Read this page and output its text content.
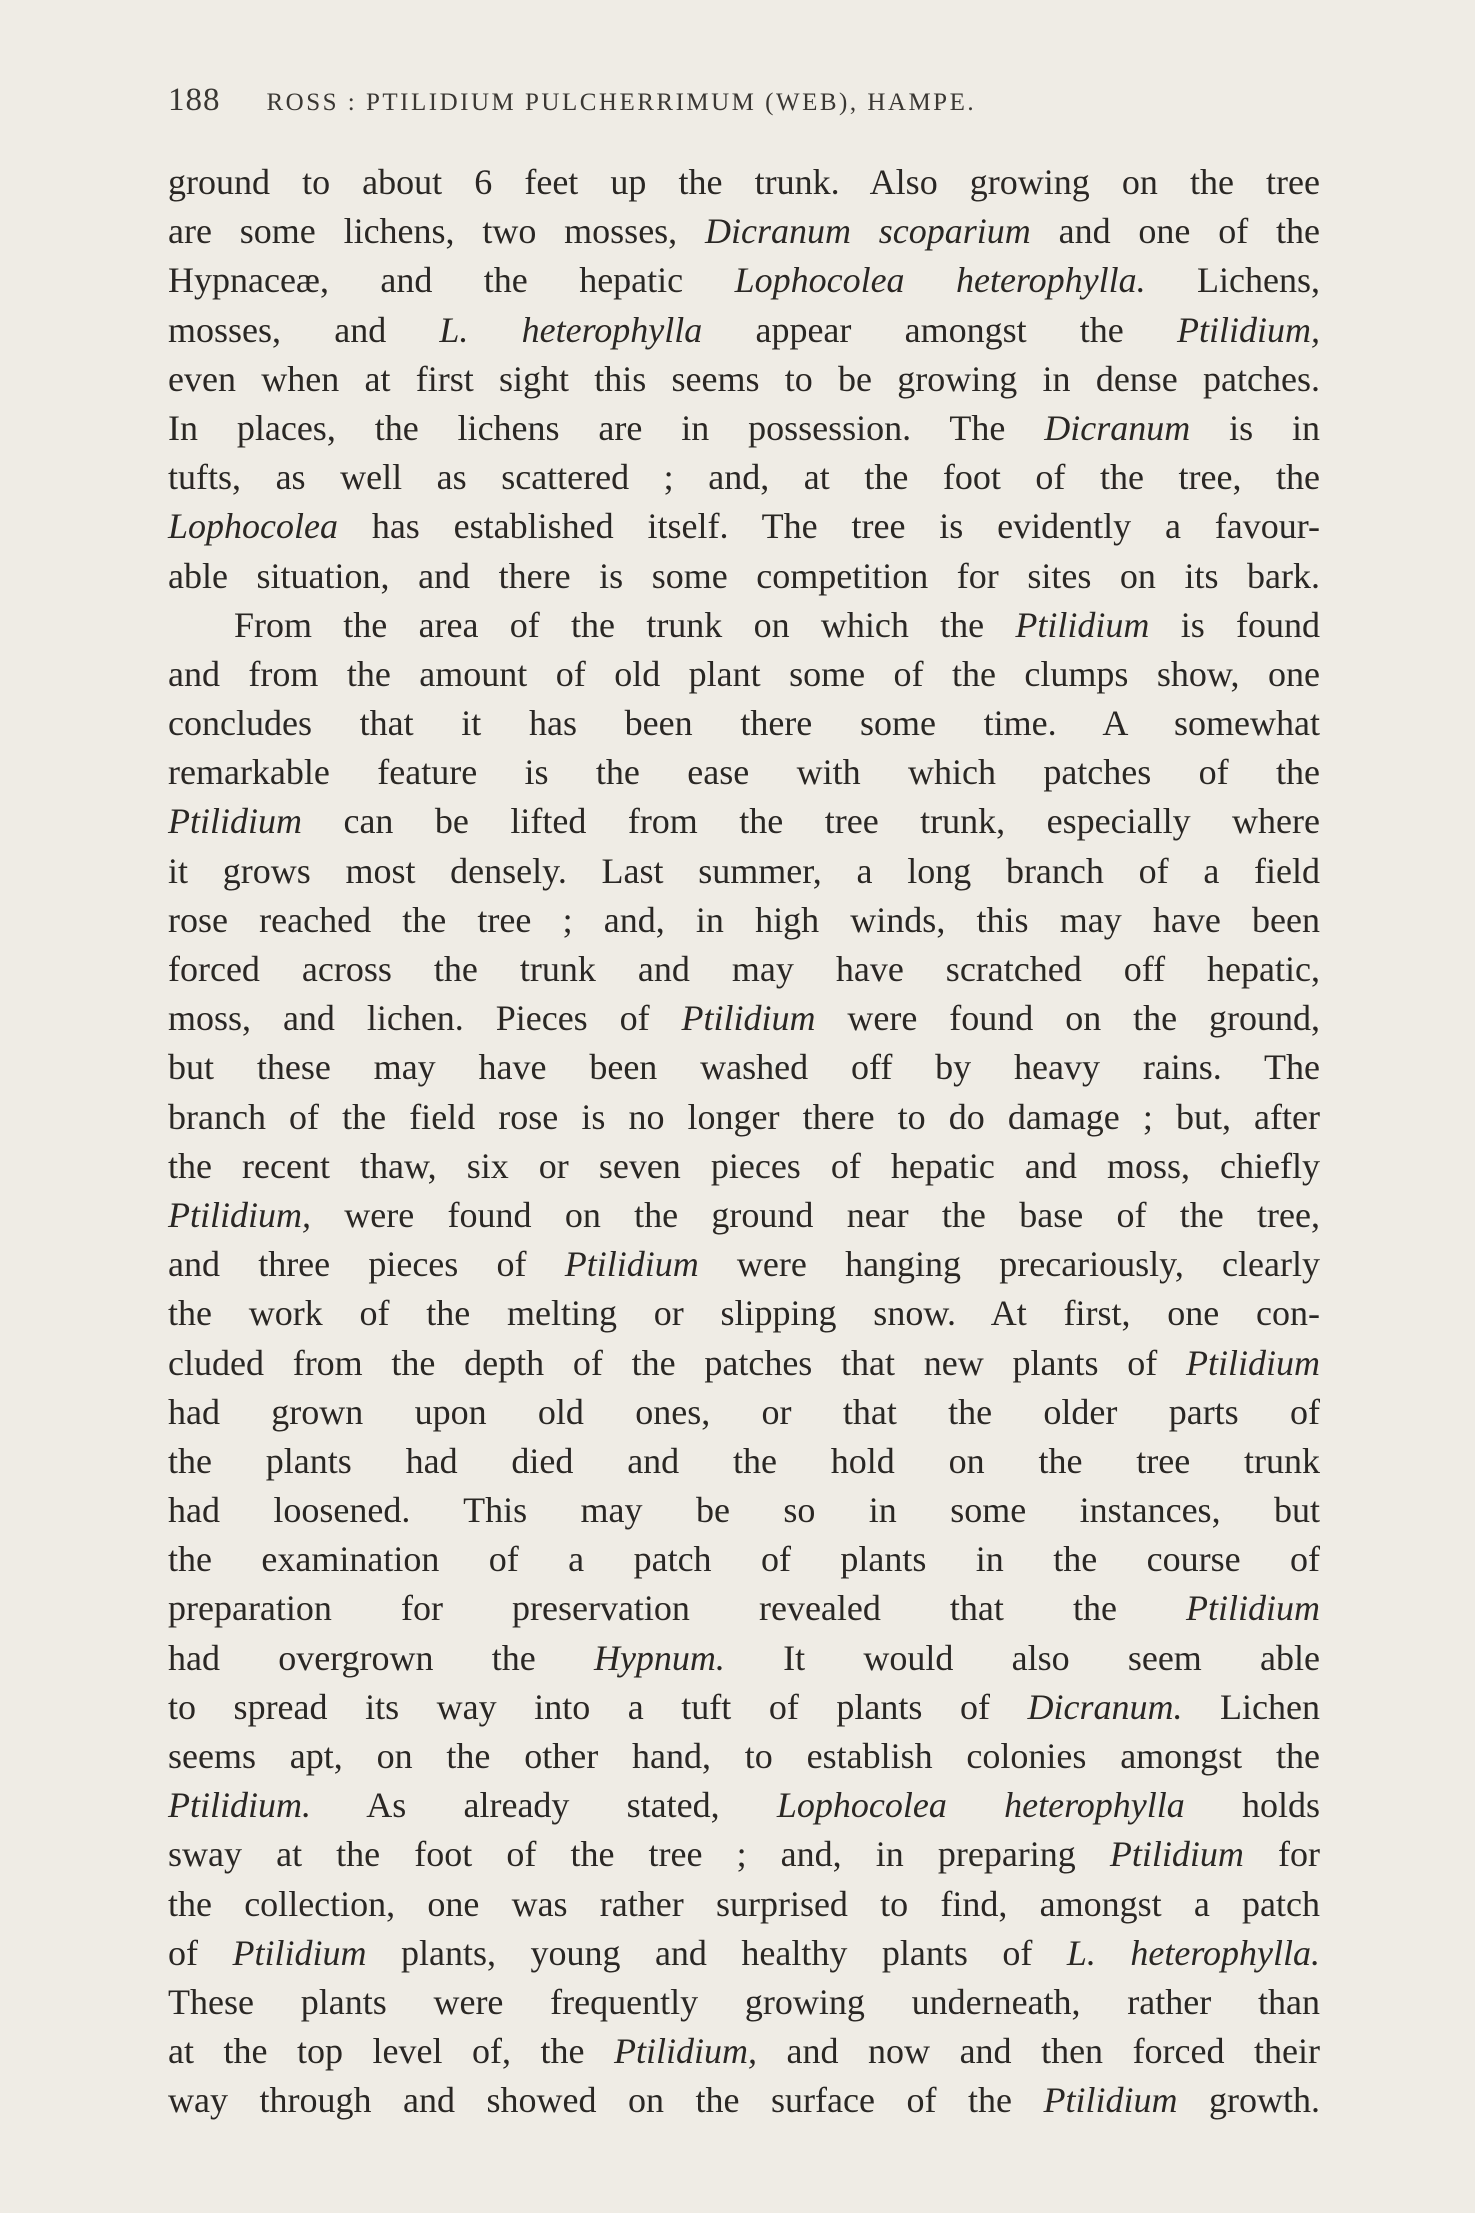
188 ROSS : PTILIDIUM PULCHERRIMUM (WEB), HAMPE.
ground to about 6 feet up the trunk. Also growing on the tree
are some lichens, two mosses, Dicranum scoparium and one of the
Hypnaceæ, and the hepatic Lophocolea heterophylla. Lichens,
mosses, and L. heterophylla appear amongst the Ptilidium,
even when at first sight this seems to be growing in dense patches.
In places, the lichens are in possession. The Dicranum is in
tufts, as well as scattered ; and, at the foot of the tree, the
Lophocolea has established itself. The tree is evidently a favour-
able situation, and there is some competition for sites on its bark.
From the area of the trunk on which the Ptilidium is found
and from the amount of old plant some of the clumps show, one
concludes that it has been there some time. A somewhat
remarkable feature is the ease with which patches of the
Ptilidium can be lifted from the tree trunk, especially where
it grows most densely. Last summer, a long branch of a field
rose reached the tree ; and, in high winds, this may have been
forced across the trunk and may have scratched off hepatic,
moss, and lichen. Pieces of Ptilidium were found on the ground,
but these may have been washed off by heavy rains. The
branch of the field rose is no longer there to do damage ; but, after
the recent thaw, six or seven pieces of hepatic and moss, chiefly
Ptilidium, were found on the ground near the base of the tree,
and three pieces of Ptilidium were hanging precariously, clearly
the work of the melting or slipping snow. At first, one con-
cluded from the depth of the patches that new plants of Ptilidium
had grown upon old ones, or that the older parts of
the plants had died and the hold on the tree trunk
had loosened. This may be so in some instances, but
the examination of a patch of plants in the course of
preparation for preservation revealed that the Ptilidium
had overgrown the Hypnum. It would also seem able
to spread its way into a tuft of plants of Dicranum. Lichen
seems apt, on the other hand, to establish colonies amongst the
Ptilidium. As already stated, Lophocolea heterophylla holds
sway at the foot of the tree ; and, in preparing Ptilidium for
the collection, one was rather surprised to find, amongst a patch
of Ptilidium plants, young and healthy plants of L. heterophylla.
These plants were frequently growing underneath, rather than
at the top level of, the Ptilidium, and now and then forced their
way through and showed on the surface of the Ptilidium growth.
